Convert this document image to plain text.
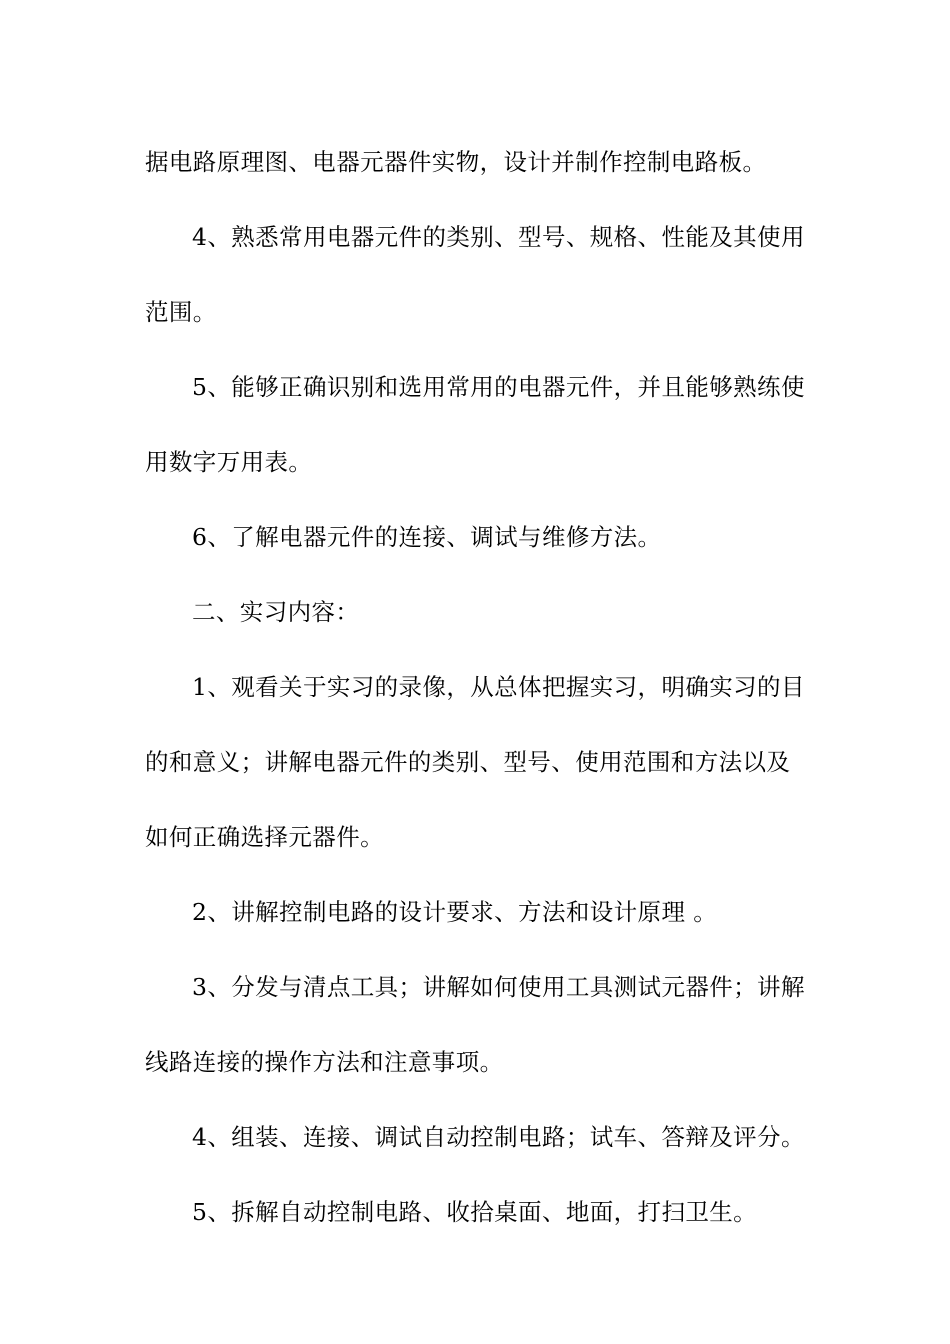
据电路原理图、电器元器件实物，设计并制作控制电路板。

4、熟悉常用电器元件的类别、型号、规格、性能及其使用

范围。

5、能够正确识别和选用常用的电器元件，并且能够熟练使

用数字万用表。

6、了解电器元件的连接、调试与维修方法。

二、实习内容：

1、观看关于实习的录像，从总体把握实习，明确实习的目

的和意义；讲解电器元件的类别、型号、使用范围和方法以及

如何正确选择元器件。

2、讲解控制电路的设计要求、方法和设计原理 。

3、分发与清点工具；讲解如何使用工具测试元器件；讲解

线路连接的操作方法和注意事项。

4、组装、连接、调试自动控制电路；试车、答辩及评分。

5、拆解自动控制电路、收拾桌面、地面，打扫卫生。
